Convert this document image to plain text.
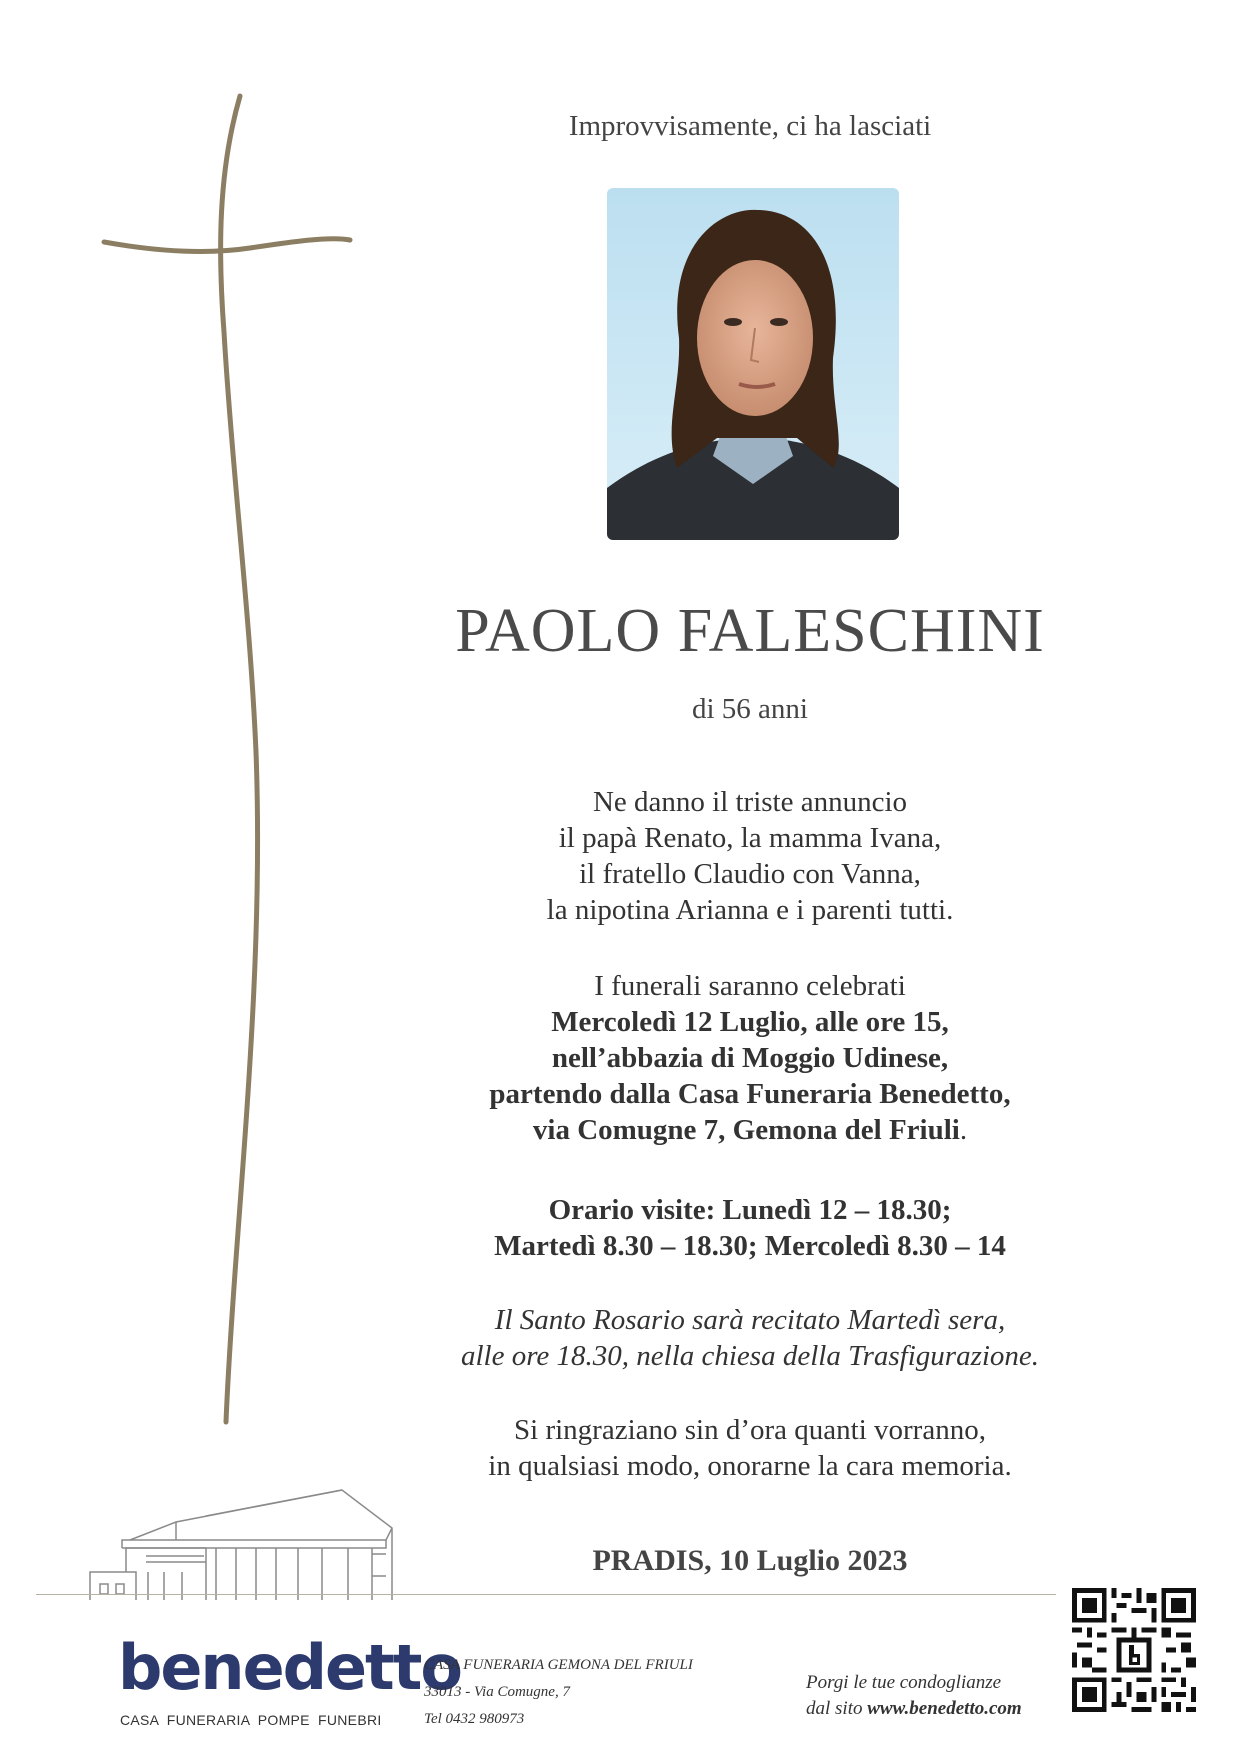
Improvvisamente, ci ha lasciati
PAOLO FALESCHINI
di 56 anni
Ne danno il triste annuncio
il papà Renato, la mamma Ivana,
il fratello Claudio con Vanna,
la nipotina Arianna e i parenti tutti.
I funerali saranno celebrati
Mercoledì 12 Luglio, alle ore 15,
nell’abbazia di Moggio Udinese,
partendo dalla Casa Funeraria Benedetto,
via Comugne 7, Gemona del Friuli.
Orario visite: Lunedì 12 – 18.30;
Martedì 8.30 – 18.30; Mercoledì 8.30 – 14
Il Santo Rosario sarà recitato Martedì sera,
alle ore 18.30, nella chiesa della Trasfigurazione.
Si ringraziano sin d’ora quanti vorranno,
in qualsiasi modo, onorarne la cara memoria.
PRADIS, 10 Luglio 2023
benedetto
CASA FUNERARIA POMPE FUNEBRI
CASA FUNERARIA GEMONA DEL FRIULI
33013 - Via Comugne, 7
Tel 0432 980973
Porgi le tue condoglianze
dal sito www.benedetto.com
